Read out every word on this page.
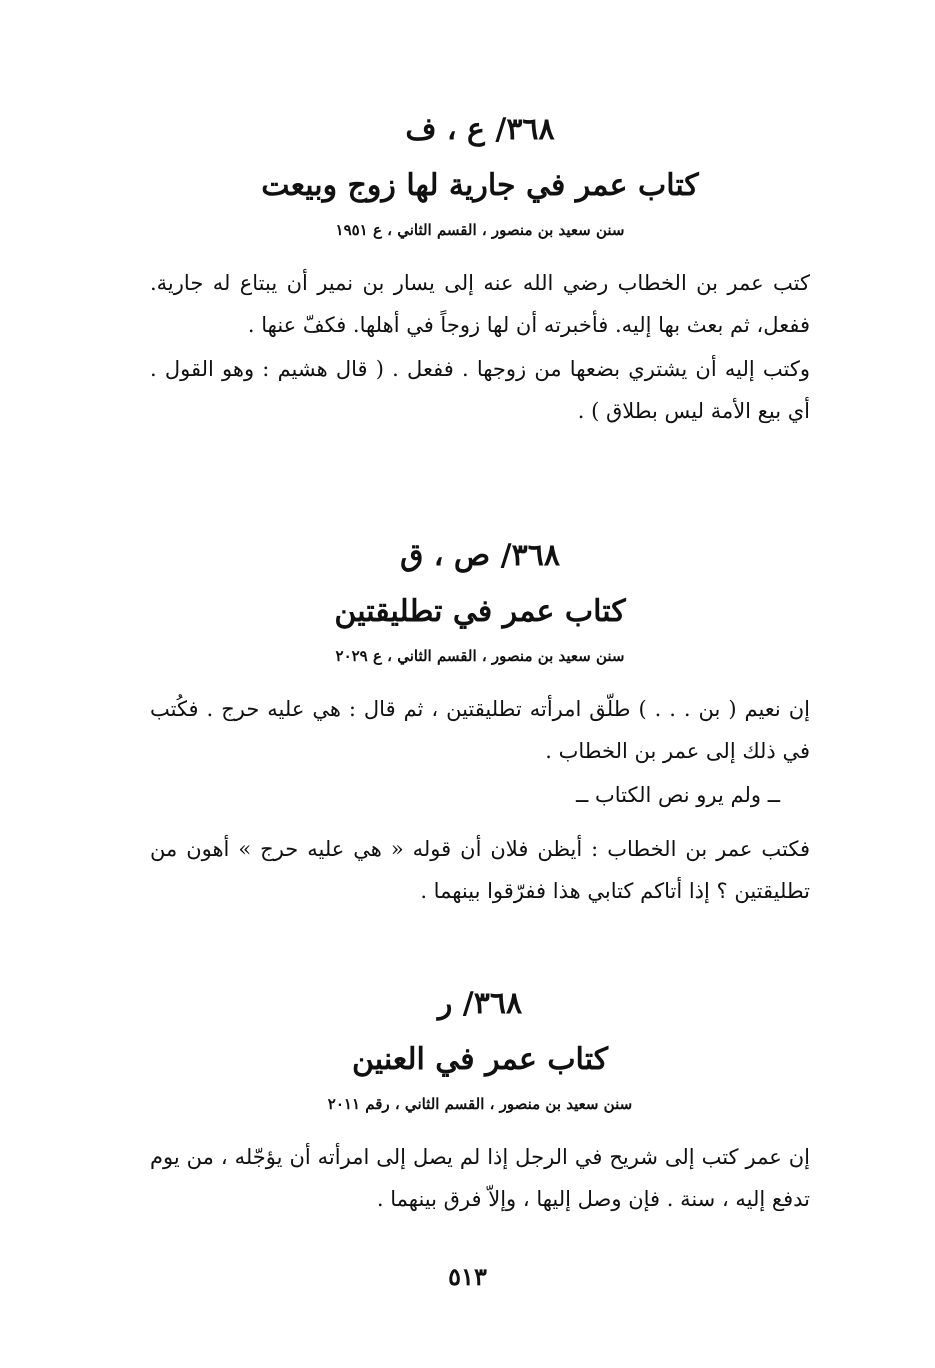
٣٦٨/ ع ، ف
كتاب عمر في جارية لها زوج وبيعت
سنن سعيد بن منصور ، القسم الثاني ، ع ١٩٥١

كتب عمر بن الخطاب رضي الله عنه إلى يسار بن نمير أن يبتاع له جارية. ففعل، ثم بعث بها إليه. فأخبرته أن لها زوجاً في أهلها. فكفّ عنها .

وكتب إليه أن يشتري بضعها من زوجها . ففعل . ( قال هشيم : وهو القول . أي بيع الأمة ليس بطلاق ) .

٣٦٨/ ص ، ق
كتاب عمر في تطليقتين
سنن سعيد بن منصور ، القسم الثاني ، ع ٢٠٢٩

إن نعيم ( بن . . . ) طلّق امرأته تطليقتين ، ثم قال : هي عليه حرج . فكُتب في ذلك إلى عمر بن الخطاب .

ــ ولم يرو نص الكتاب ــ

فكتب عمر بن الخطاب : أيظن فلان أن قوله « هي عليه حرج » أهون من تطليقتين ؟ إذا أتاكم كتابي هذا ففرّقوا بينهما .

٣٦٨/ ر
كتاب عمر في العنين
سنن سعيد بن منصور ، القسم الثاني ، رقم ٢٠١١

إن عمر كتب إلى شريح في الرجل إذا لم يصل إلى امرأته أن يؤجّله ، من يوم تدفع إليه ، سنة . فإن وصل إليها ، وإلاّ فرق بينهما .

٥١٣
